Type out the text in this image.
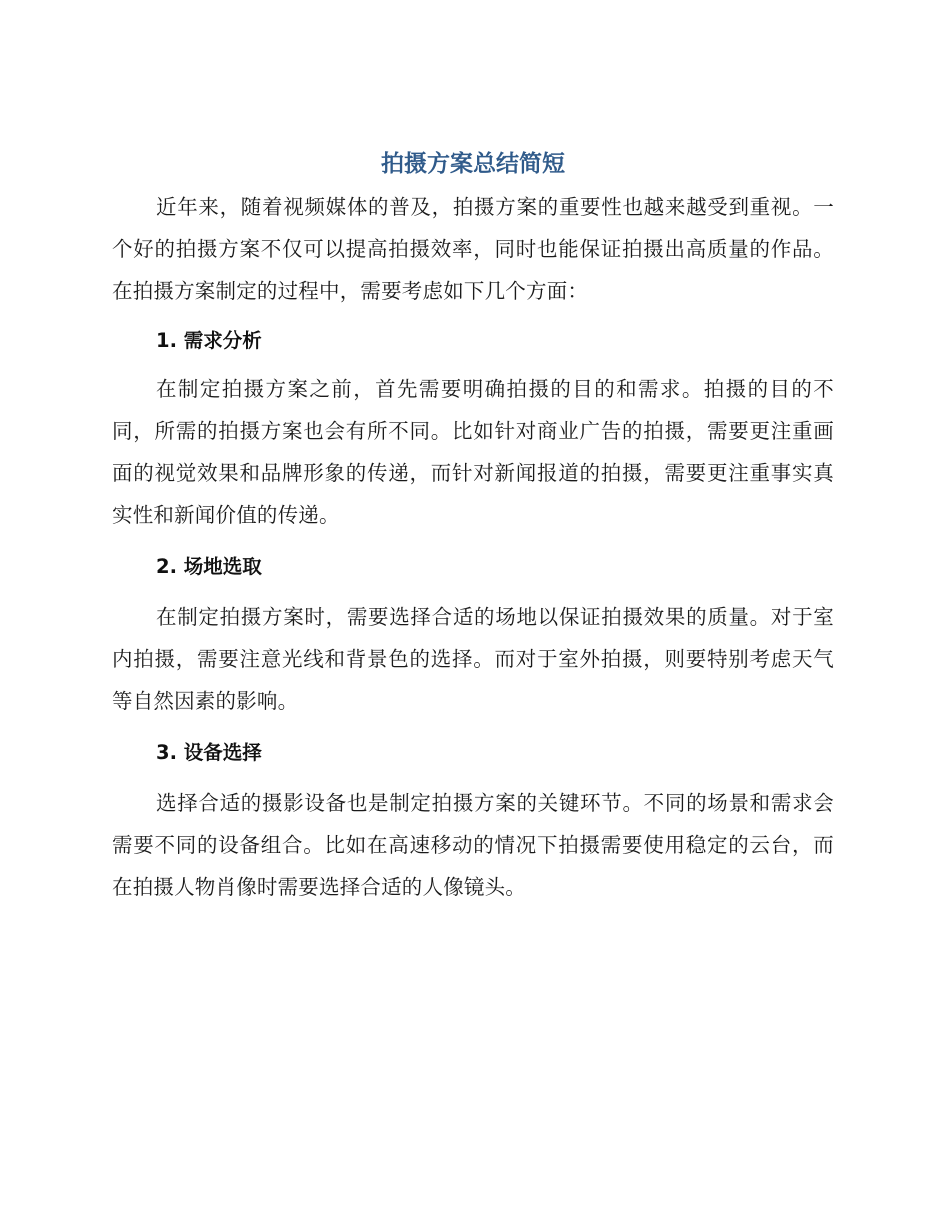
拍摄方案总结简短

近年来，随着视频媒体的普及，拍摄方案的重要性也越来越受到重视。一个好的拍摄方案不仅可以提高拍摄效率，同时也能保证拍摄出高质量的作品。在拍摄方案制定的过程中，需要考虑如下几个方面：

1. 需求分析

在制定拍摄方案之前，首先需要明确拍摄的目的和需求。拍摄的目的不同，所需的拍摄方案也会有所不同。比如针对商业广告的拍摄，需要更注重画面的视觉效果和品牌形象的传递，而针对新闻报道的拍摄，需要更注重事实真实性和新闻价值的传递。

2. 场地选取

在制定拍摄方案时，需要选择合适的场地以保证拍摄效果的质量。对于室内拍摄，需要注意光线和背景色的选择。而对于室外拍摄，则要特别考虑天气等自然因素的影响。

3. 设备选择

选择合适的摄影设备也是制定拍摄方案的关键环节。不同的场景和需求会需要不同的设备组合。比如在高速移动的情况下拍摄需要使用稳定的云台，而在拍摄人物肖像时需要选择合适的人像镜头。
